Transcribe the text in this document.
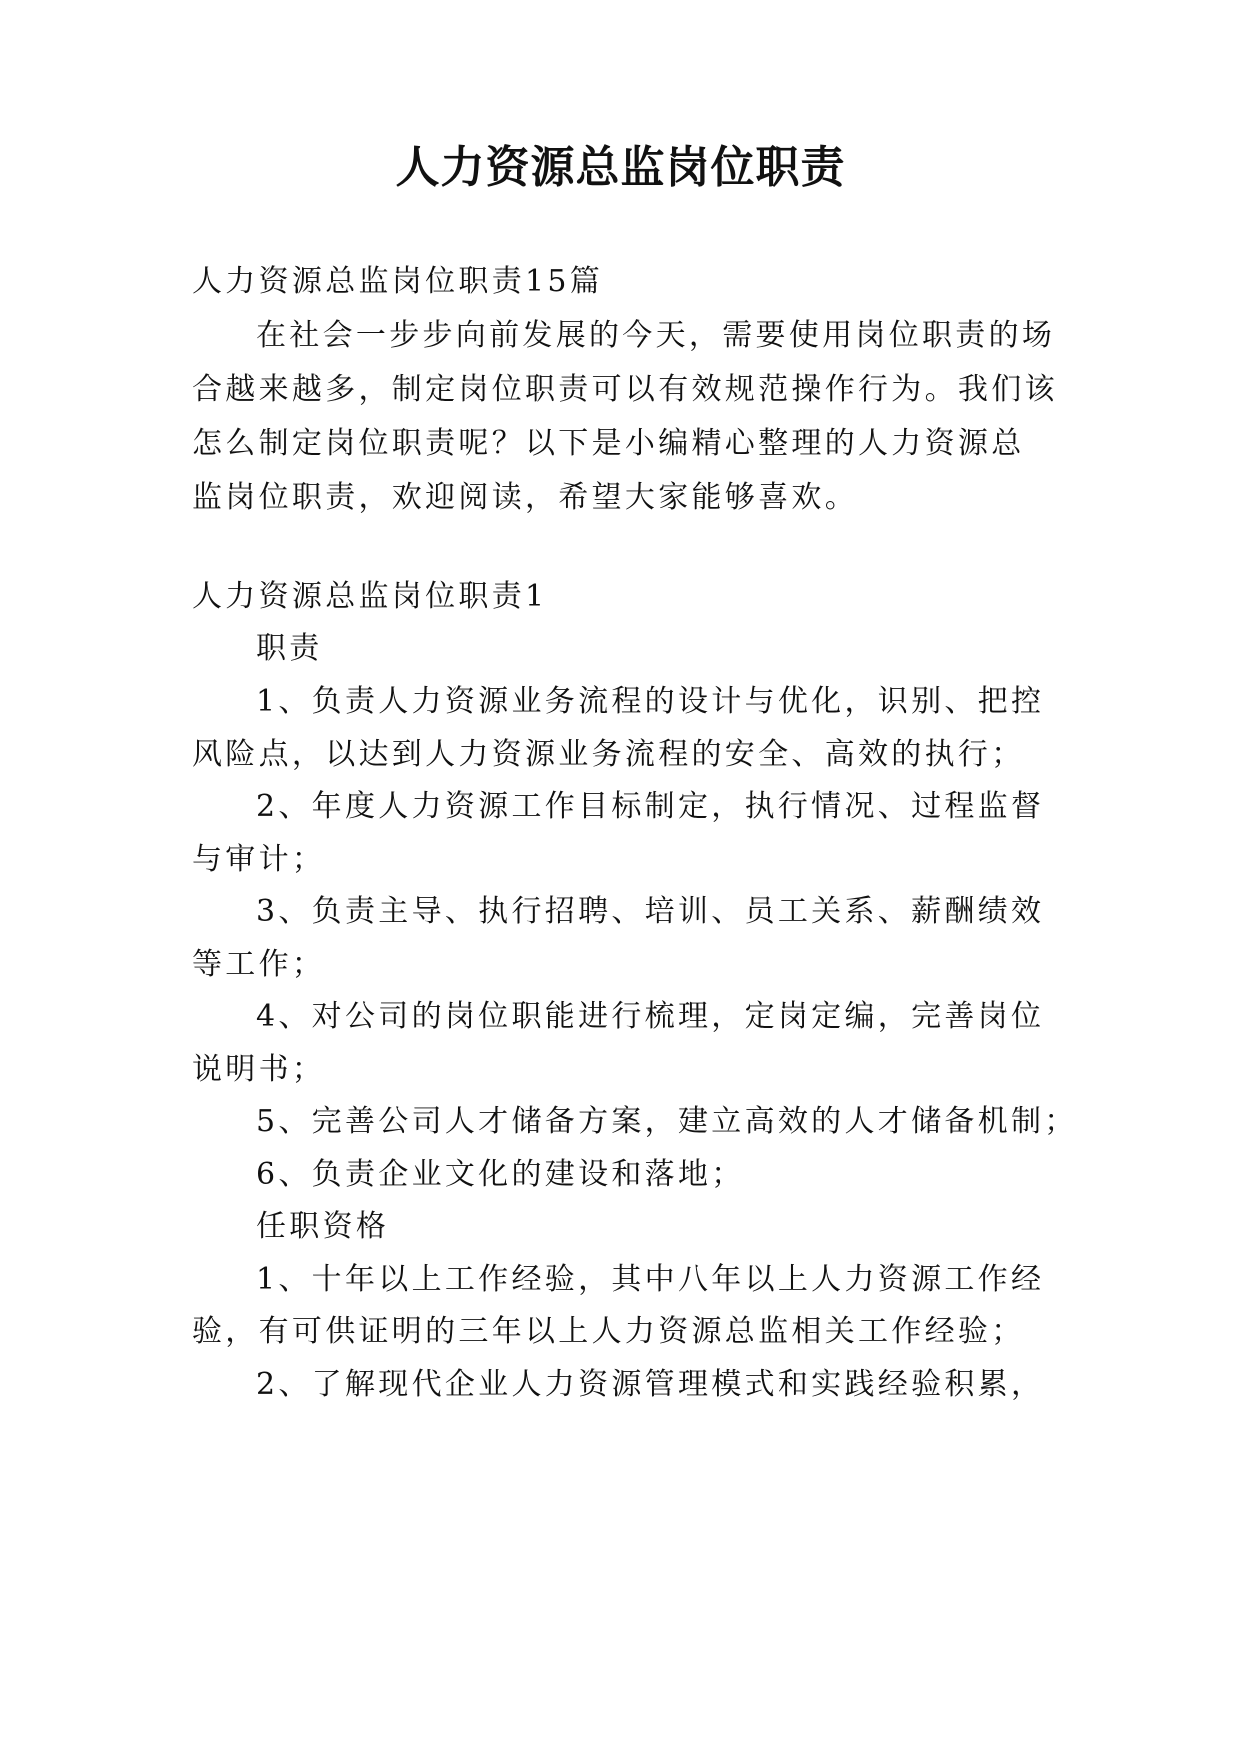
人力资源总监岗位职责
人力资源总监岗位职责15篇
在社会一步步向前发展的今天，需要使用岗位职责的场
合越来越多，制定岗位职责可以有效规范操作行为。我们该
怎么制定岗位职责呢？以下是小编精心整理的人力资源总
监岗位职责，欢迎阅读，希望大家能够喜欢。
人力资源总监岗位职责1
职责
1、负责人力资源业务流程的设计与优化，识别、把控
风险点，以达到人力资源业务流程的安全、高效的执行；
2、年度人力资源工作目标制定，执行情况、过程监督
与审计；
3、负责主导、执行招聘、培训、员工关系、薪酬绩效
等工作；
4、对公司的岗位职能进行梳理，定岗定编，完善岗位
说明书；
5、完善公司人才储备方案，建立高效的人才储备机制；
6、负责企业文化的建设和落地；
任职资格
1、十年以上工作经验，其中八年以上人力资源工作经
验，有可供证明的三年以上人力资源总监相关工作经验；
2、了解现代企业人力资源管理模式和实践经验积累，
